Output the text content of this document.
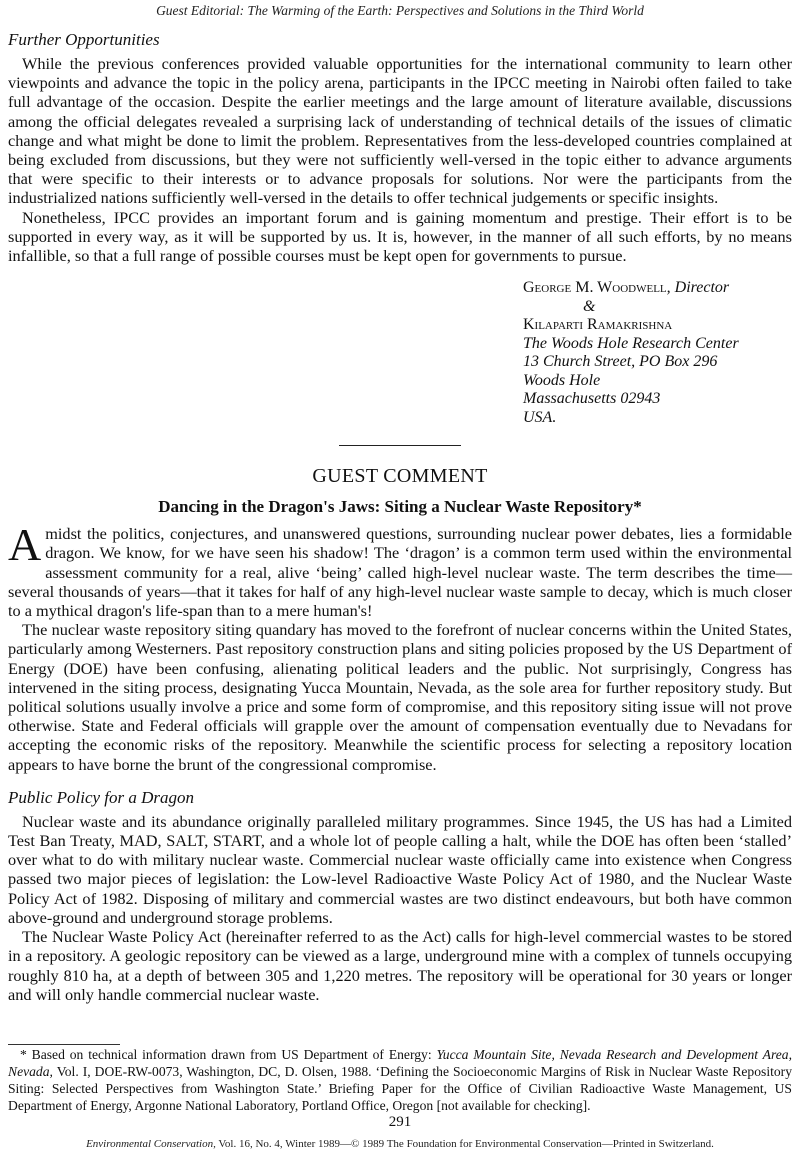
Guest Editorial: The Warming of the Earth: Perspectives and Solutions in the Third World
Further Opportunities

While the previous conferences provided valuable opportunities for the international community to learn other viewpoints and advance the topic in the policy arena, participants in the IPCC meeting in Nairobi often failed to take full advantage of the occasion. Despite the earlier meetings and the large amount of literature available, discussions among the official delegates revealed a surprising lack of understanding of technical details of the issues of climatic change and what might be done to limit the problem. Representatives from the less-developed countries complained at being excluded from discussions, but they were not sufficiently well-versed in the topic either to advance arguments that were specific to their interests or to advance proposals for solutions. Nor were the participants from the industrialized nations sufficiently well-versed in the details to offer technical judgements or specific insights.

Nonetheless, IPCC provides an important forum and is gaining momentum and prestige. Their effort is to be supported in every way, as it will be supported by us. It is, however, in the manner of all such efforts, by no means infallible, so that a full range of possible courses must be kept open for governments to pursue.

George M. Woodwell, Director
&
Kilaparti Ramakrishna
The Woods Hole Research Center
13 Church Street, PO Box 296
Woods Hole
Massachusetts 02943
USA.
GUEST COMMENT
Dancing in the Dragon's Jaws: Siting a Nuclear Waste Repository*

Amidst the politics, conjectures, and unanswered questions, surrounding nuclear power debates, lies a formidable dragon. We know, for we have seen his shadow! The ‘dragon’ is a common term used within the environmental assessment community for a real, alive ‘being’ called high-level nuclear waste. The term describes the time—several thousands of years—that it takes for half of any high-level nuclear waste sample to decay, which is much closer to a mythical dragon's life-span than to a mere human's!

The nuclear waste repository siting quandary has moved to the forefront of nuclear concerns within the United States, particularly among Westerners. Past repository construction plans and siting policies proposed by the US Department of Energy (DOE) have been confusing, alienating political leaders and the public. Not surprisingly, Congress has intervened in the siting process, designating Yucca Mountain, Nevada, as the sole area for further repository study. But political solutions usually involve a price and some form of compromise, and this repository siting issue will not prove otherwise. State and Federal officials will grapple over the amount of compensation eventually due to Nevadans for accepting the economic risks of the repository. Meanwhile the scientific process for selecting a repository location appears to have borne the brunt of the congressional compromise.

Public Policy for a Dragon

Nuclear waste and its abundance originally paralleled military programmes. Since 1945, the US has had a Limited Test Ban Treaty, MAD, SALT, START, and a whole lot of people calling a halt, while the DOE has often been ‘stalled’ over what to do with military nuclear waste. Commercial nuclear waste officially came into existence when Congress passed two major pieces of legislation: the Low-level Radioactive Waste Policy Act of 1980, and the Nuclear Waste Policy Act of 1982. Disposing of military and commercial wastes are two distinct endeavours, but both have common above-ground and underground storage problems.

The Nuclear Waste Policy Act (hereinafter referred to as the Act) calls for high-level commercial wastes to be stored in a repository. A geologic repository can be viewed as a large, underground mine with a complex of tunnels occupying roughly 810 ha, at a depth of between 305 and 1,220 metres. The repository will be operational for 30 years or longer and will only handle commercial nuclear waste.

* Based on technical information drawn from US Department of Energy: Yucca Mountain Site, Nevada Research and Development Area, Nevada, Vol. I, DOE-RW-0073, Washington, DC, D. Olsen, 1988. ‘Defining the Socioeconomic Margins of Risk in Nuclear Waste Repository Siting: Selected Perspectives from Washington State.’ Briefing Paper for the Office of Civilian Radioactive Waste Management, US Department of Energy, Argonne National Laboratory, Portland Office, Oregon [not available for checking].
291
Environmental Conservation, Vol. 16, No. 4, Winter 1989—© 1989 The Foundation for Environmental Conservation—Printed in Switzerland.
